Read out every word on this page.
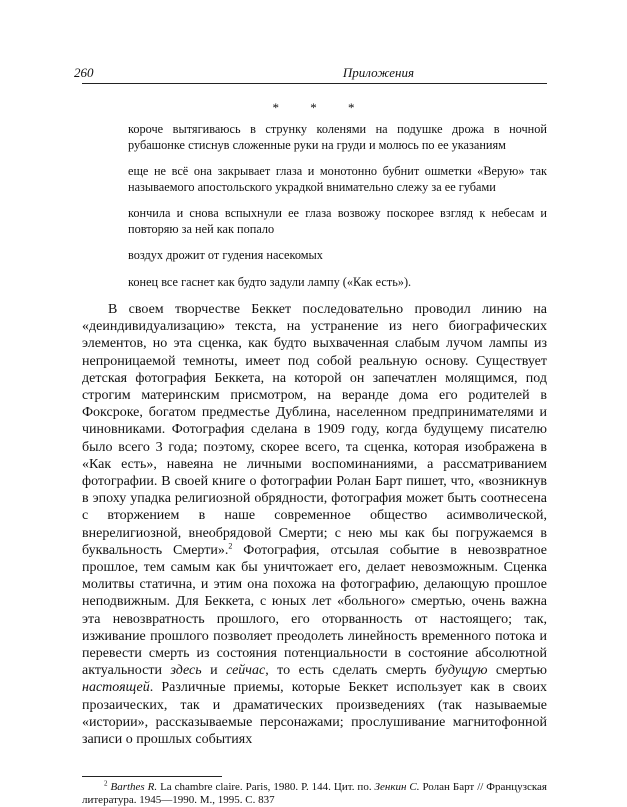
260	Приложения
* * *

короче вытягиваюсь в струнку коленями на подушке дрожа в ночной рубашонке стиснув сложенные руки на груди и молюсь по ее указаниям

еще не всё она закрывает глаза и монотонно бубнит ошметки «Верую» так называемого апостольского украдкой внимательно слежу за ее губами

кончила и снова вспыхнули ее глаза возвожу поскорее взгляд к небесам и повторяю за ней как попало

воздух дрожит от гудения насекомых

конец все гаснет как будто задули лампу («Как есть»).

В своем творчестве Беккет последовательно проводил линию на «деиндивидуализацию» текста, на устранение из него биографических элементов, но эта сценка, как будто выхваченная слабым лучом лампы из непроницаемой темноты, имеет под собой реальную основу. Существует детская фотография Беккета, на которой он запечатлен молящимся, под строгим материнским присмотром, на веранде дома его родителей в Фоксроке, богатом предместье Дублина, населенном предпринимателями и чиновниками. Фотография сделана в 1909 году, когда будущему писателю было всего 3 года; поэтому, скорее всего, та сценка, которая изображена в «Как есть», навеяна не личными воспоминаниями, а рассматриванием фотографии. В своей книге о фотографии Ролан Барт пишет, что, «возникнув в эпоху упадка религиозной обрядности, фотография может быть соотнесена с вторжением в наше современное общество асимволической, внерелигиозной, внеобрядовой Смерти; с нею мы как бы погружаемся в буквальность Смерти».$^2$ Фотография, отсылая событие в невозвратное прошлое, тем самым как бы уничтожает его, делает невозможным. Сценка молитвы статична, и этим она похожа на фотографию, делающую прошлое неподвижным. Для Беккета, с юных лет «больного» смертью, очень важна эта невозвратность прошлого, его оторванность от настоящего; так, изживание прошлого позволяет преодолеть линейность временного потока и перевести смерть из состояния потенциальности в состояние абсолютной актуальности здесь и сейчас, то есть сделать смерть будущую смертью настоящей. Различные приемы, которые Беккет использует как в своих прозаических, так и драматических произведениях (так называемые «истории», рассказываемые персонажами; прослушивание магнитофонной записи о прошлых событиях

$^2$ Barthes R. La chambre claire. Paris, 1980. P. 144. Цит. по. Зенкин С. Ролан Барт // Французская литература. 1945—1990. М., 1995. С. 837
